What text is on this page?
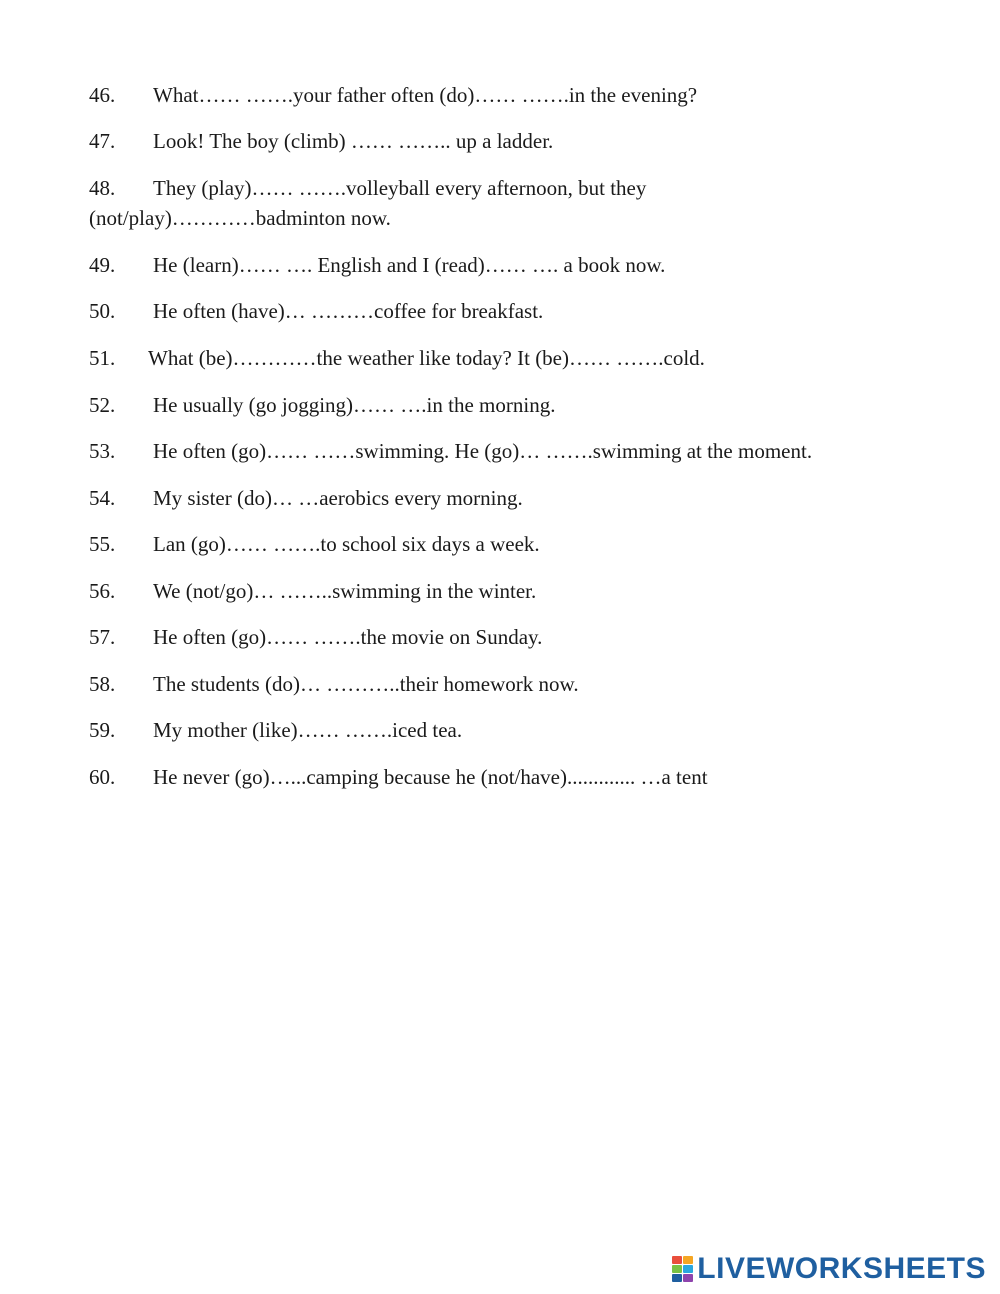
46. What…… …….your father often (do)…… …….in the evening?
47. Look! The boy (climb) …… …….. up a ladder.
48. They (play)…… …….volleyball every afternoon, but they
(not/play)…………badminton now.
49. He (learn)…… …. English and I (read)…… …. a book now.
50. He often (have)… ………coffee for breakfast.
51. What (be)…………the weather like today? It (be)…… …….cold.
52. He usually (go jogging)…… ….in the morning.
53. He often (go)…… ……swimming. He (go)… …….swimming at the moment.
54. My sister (do)… …aerobics every morning.
55. Lan (go)…… …….to school six days a week.
56. We (not/go)… ……..swimming in the winter.
57. He often (go)…… …….the movie on Sunday.
58. The students (do)… ………..their homework now.
59. My mother (like)…… …….iced tea.
60. He never (go)…...camping because he (not/have)............. …a tent
LIVEWORKSHEETS
